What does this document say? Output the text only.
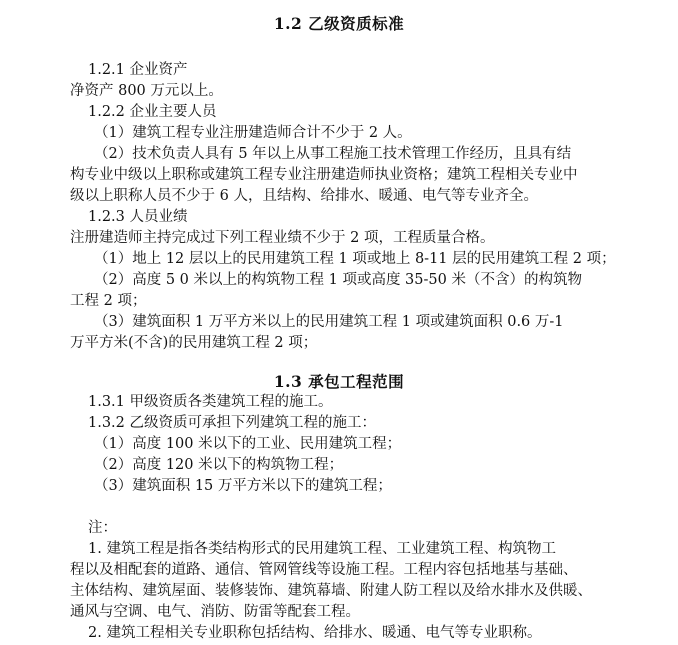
1.2 乙级资质标准
1.2.1 企业资产
净资产 800 万元以上。
1.2.2 企业主要人员
（1）建筑工程专业注册建造师合计不少于 2 人。
（2）技术负责人具有 5 年以上从事工程施工技术管理工作经历，且具有结
构专业中级以上职称或建筑工程专业注册建造师执业资格；建筑工程相关专业中
级以上职称人员不少于 6 人，且结构、给排水、暖通、电气等专业齐全。
1.2.3 人员业绩
注册建造师主持完成过下列工程业绩不少于 2 项，工程质量合格。
（1）地上 12 层以上的民用建筑工程 1 项或地上 8-11 层的民用建筑工程 2 项；
（2）高度 5 0 米以上的构筑物工程 1 项或高度 35-50 米（不含）的构筑物
工程 2 项；
（3）建筑面积 1 万平方米以上的民用建筑工程 1 项或建筑面积 0.6 万-1
万平方米(不含)的民用建筑工程 2 项；
1.3 承包工程范围
1.3.1 甲级资质各类建筑工程的施工。
1.3.2 乙级资质可承担下列建筑工程的施工：
（1）高度 100 米以下的工业、民用建筑工程；
（2）高度 120 米以下的构筑物工程；
（3）建筑面积 15 万平方米以下的建筑工程；
注：
1. 建筑工程是指各类结构形式的民用建筑工程、工业建筑工程、构筑物工
程以及相配套的道路、通信、管网管线等设施工程。工程内容包括地基与基础、
主体结构、建筑屋面、装修装饰、建筑幕墙、附建人防工程以及给水排水及供暖、
通风与空调、电气、消防、防雷等配套工程。
2. 建筑工程相关专业职称包括结构、给排水、暖通、电气等专业职称。
